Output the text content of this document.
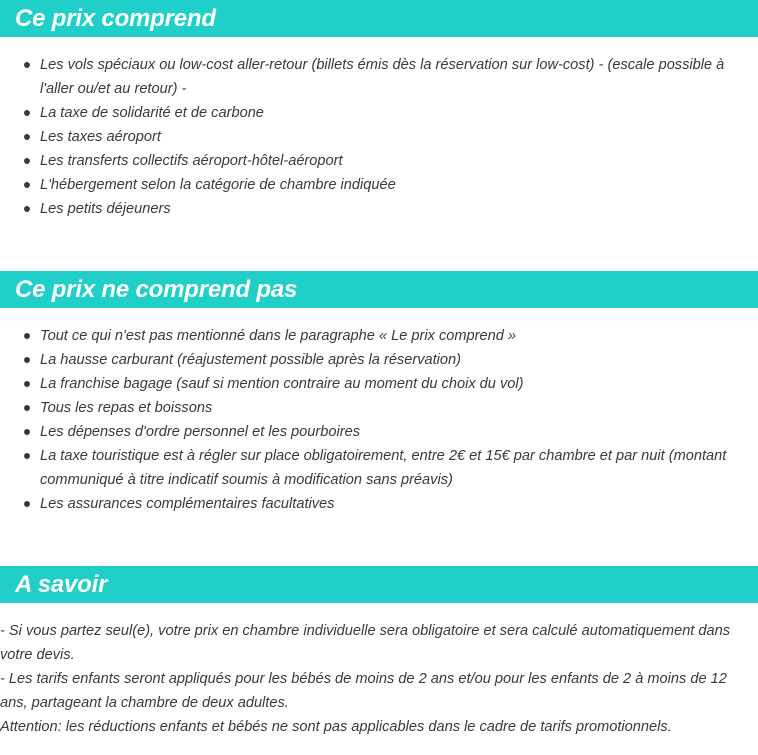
Ce prix comprend
Les vols spéciaux ou low-cost aller-retour (billets émis dès la réservation sur low-cost) - (escale possible à l'aller ou/et au retour) -
La taxe de solidarité et de carbone
Les taxes aéroport
Les transferts collectifs aéroport-hôtel-aéroport
L'hébergement selon la catégorie de chambre indiquée
Les petits déjeuners
Ce prix ne comprend pas
Tout ce qui n'est pas mentionné dans le paragraphe « Le prix comprend »
La hausse carburant (réajustement possible après la réservation)
La franchise bagage (sauf si mention contraire au moment du choix du vol)
Tous les repas et boissons
Les dépenses d'ordre personnel et les pourboires
La taxe touristique est à régler sur place obligatoirement, entre 2€ et 15€ par chambre et par nuit (montant communiqué à titre indicatif soumis à modification sans préavis)
Les assurances complémentaires facultatives
A savoir

- Si vous partez seul(e), votre prix en chambre individuelle sera obligatoire et sera calculé automatiquement dans votre devis.

- Les tarifs enfants seront appliqués pour les bébés de moins de 2 ans et/ou pour les enfants de 2 à moins de 12 ans, partageant la chambre de deux adultes.

Attention: les réductions enfants et bébés ne sont pas applicables dans le cadre de tarifs promotionnels.
